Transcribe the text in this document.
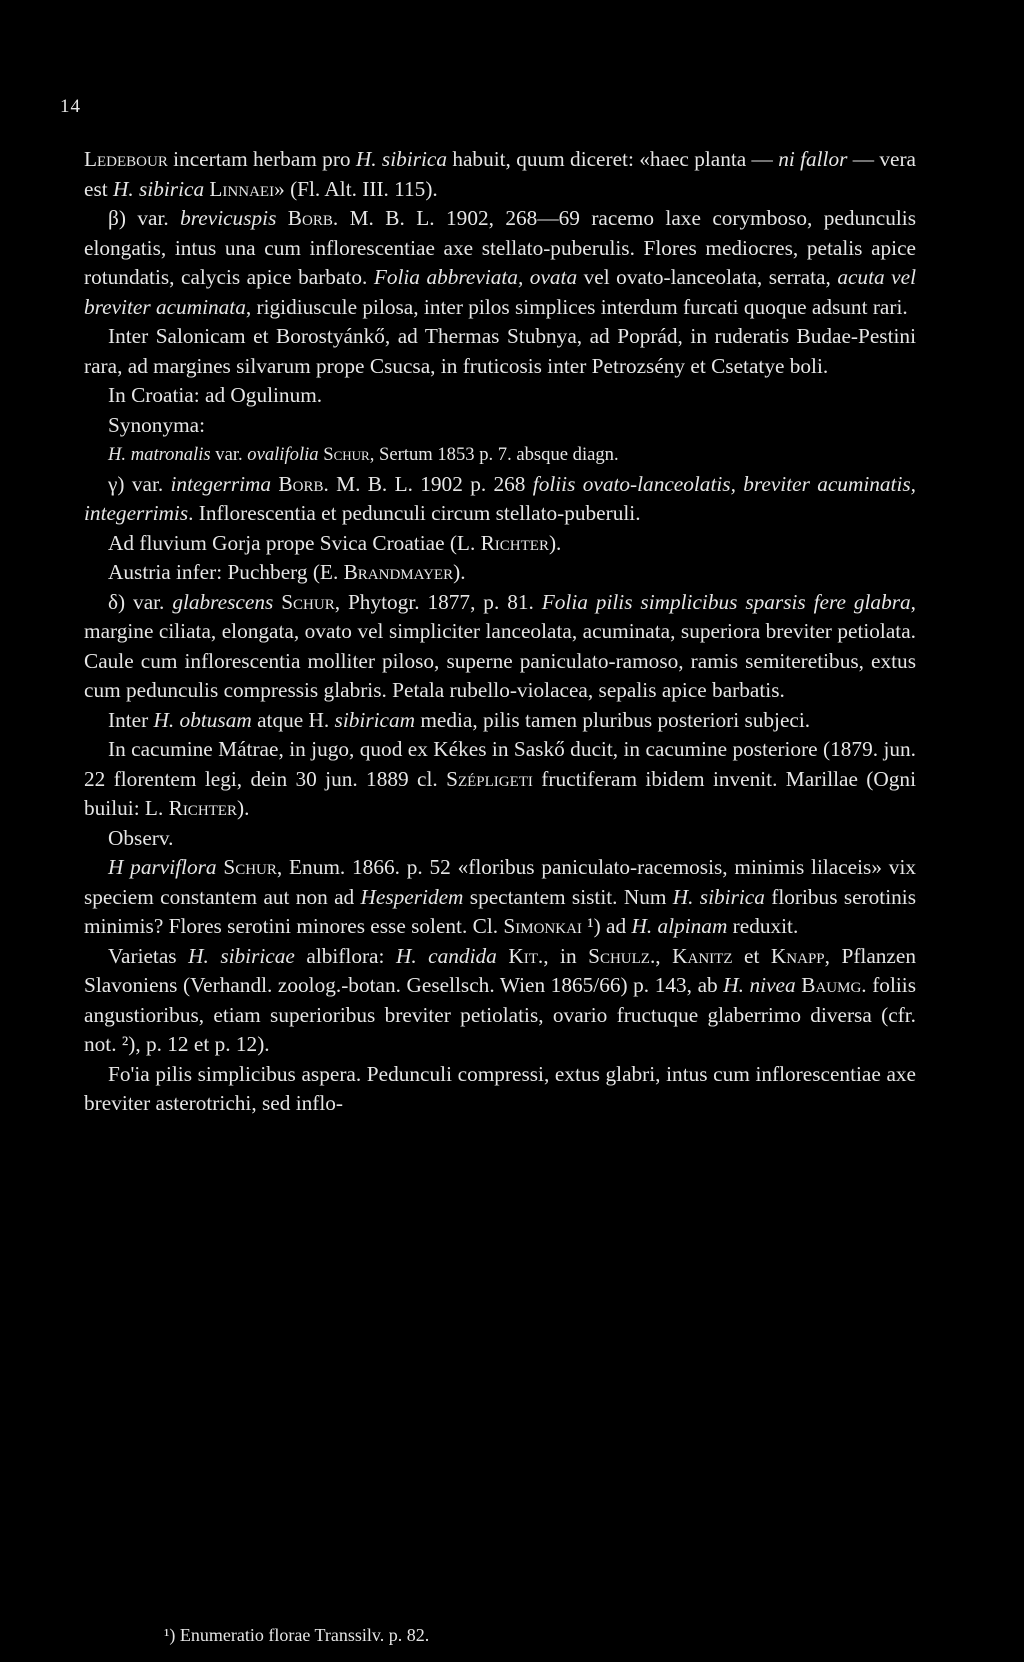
14

Ledebour incertam herbam pro H. sibirica habuit, quum diceret: «haec planta — ni fallor — vera est H. sibirica Linnaei» (Fl. Alt. III. 115).

β) var. brevicuspis Borb. M. B. L. 1902, 268—69 racemo laxe corymboso, pedunculis elongatis, intus una cum inflorescentiae axe stellato-puberulis. Flores mediocres, petalis apice rotundatis, calycis apice barbato. Folia abbreviata, ovata vel ovato-lanceolata, serrata, acuta vel breviter acuminata, rigidiuscule pilosa, inter pilos simplices interdum furcati quoque adsunt rari.

Inter Salonicam et Borostyánkő, ad Thermas Stubnya, ad Poprád, in ruderatis Budae-Pestini rara, ad margines silvarum prope Csucsa, in fruticosis inter Petrozsény et Csetatye boli.

In Croatia: ad Ogulinum.

Synonyma:

H. matronalis var. ovalifolia Schur, Sertum 1853 p. 7. absque diagn.

γ) var. integerrima Borb. M. B. L. 1902 p. 268 foliis ovato-lanceolatis, breviter acuminatis, integerrimis. Inflorescentia et pedunculi circum stellato-puberuli.

Ad fluvium Gorja prope Svica Croatiae (L. Richter).

Austria infer: Puchberg (E. Brandmayer).

δ) var. glabrescens Schur, Phytogr. 1877, p. 81. Folia pilis simplicibus sparsis fere glabra, margine ciliata, elongata, ovato vel simpliciter lanceolata, acuminata, superiora breviter petiolata. Caule cum inflorescentia molliter piloso, superne paniculato-ramoso, ramis semiteretibus, extus cum pedunculis compressis glabris. Petala rubello-violacea, sepalis apice barbatis.

Inter H. obtusam atque H. sibiricam media, pilis tamen pluribus posteriori subjeci.

In cacumine Mátrae, in jugo, quod ex Kékes in Saskő ducit, in cacumine posteriore (1879. jun. 22 florentem legi, dein 30 jun. 1889 cl. Szépligeti fructiferam ibidem invenit. Marillae (Ogni builui: L. Richter).

Observ.

H parviflora Schur, Enum. 1866. p. 52 «floribus paniculato-racemosis, minimis lilaceis» vix speciem constantem aut non ad Hesperidem spectantem sistit. Num H. sibirica floribus serotinis minimis? Flores serotini minores esse solent. Cl. Simonkai ¹) ad H. alpinam reduxit.

Varietas H. sibiricae albiflora: H. candida Kit., in Schulz., Kanitz et Knapp, Pflanzen Slavoniens (Verhandl. zoolog.-botan. Gesellsch. Wien 1865/66) p. 143, ab H. nivea Baumg. foliis angustioribus, etiam superioribus breviter petiolatis, ovario fructuque glaberrimo diversa (cfr. not. ²), p. 12 et p. 12).

Fo'ia pilis simplicibus aspera. Pedunculi compressi, extus glabri, intus cum inflorescentiae axe breviter asterotrichi, sed inflo-

¹) Enumeratio florae Transsilv. p. 82.
